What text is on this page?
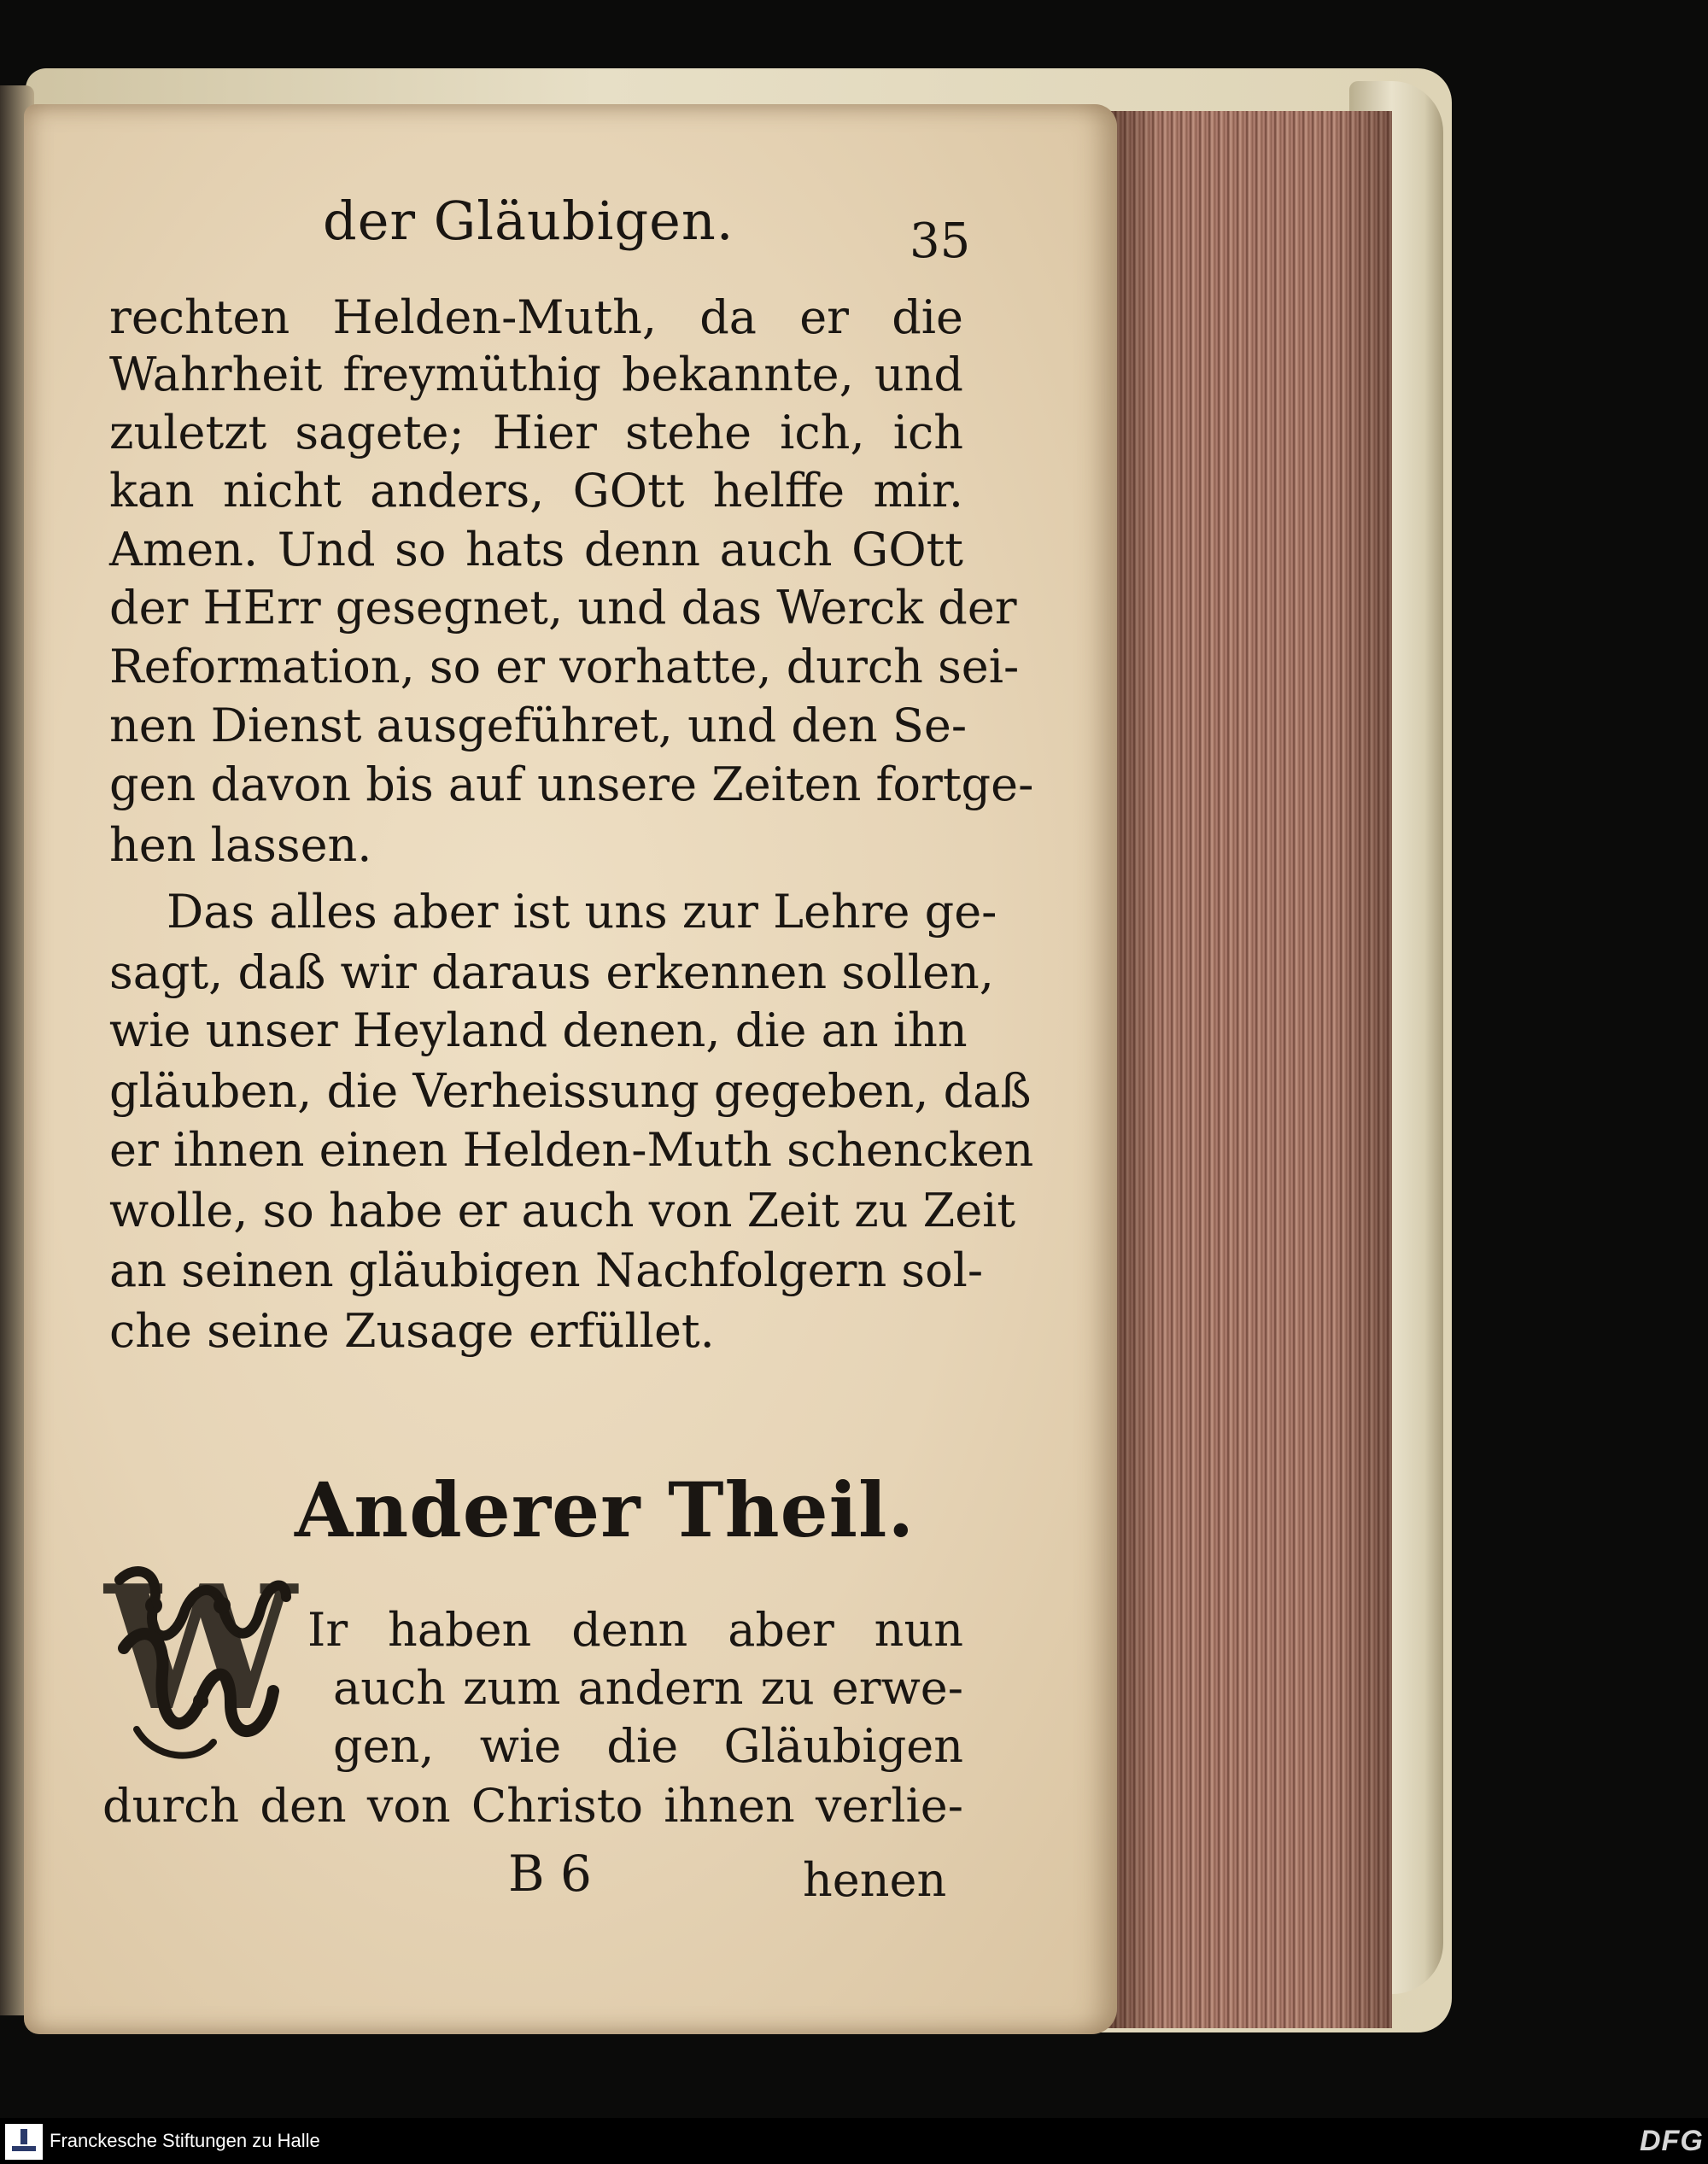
der Gläubigen.	35
rechten Helden-Muth, da er die
Wahrheit freymüthig bekannte, und
zuletzt sagete; Hier stehe ich, ich
kan nicht anders, GOtt helffe mir.
Amen. Und so hats denn auch GOtt
der HErr gesegnet, und das Werck der
Reformation, so er vorhatte, durch sei-
nen Dienst ausgeführet, und den Se-
gen davon bis auf unsere Zeiten fortge-
hen lassen.
Das alles aber ist uns zur Lehre ge-
sagt, daß wir daraus erkennen sollen,
wie unser Heyland denen, die an ihn
gläuben, die Verheissung gegeben, daß
er ihnen einen Helden-Muth schencken
wolle, so habe er auch von Zeit zu Zeit
an seinen gläubigen Nachfolgern sol-
che seine Zusage erfüllet.
Anderer Theil.
W Ir haben denn aber nun
auch zum andern zu erwe-
gen, wie die Gläubigen
durch den von Christo ihnen verlie-
B 6	henen
Franckesche Stiftungen zu Halle	DFG
